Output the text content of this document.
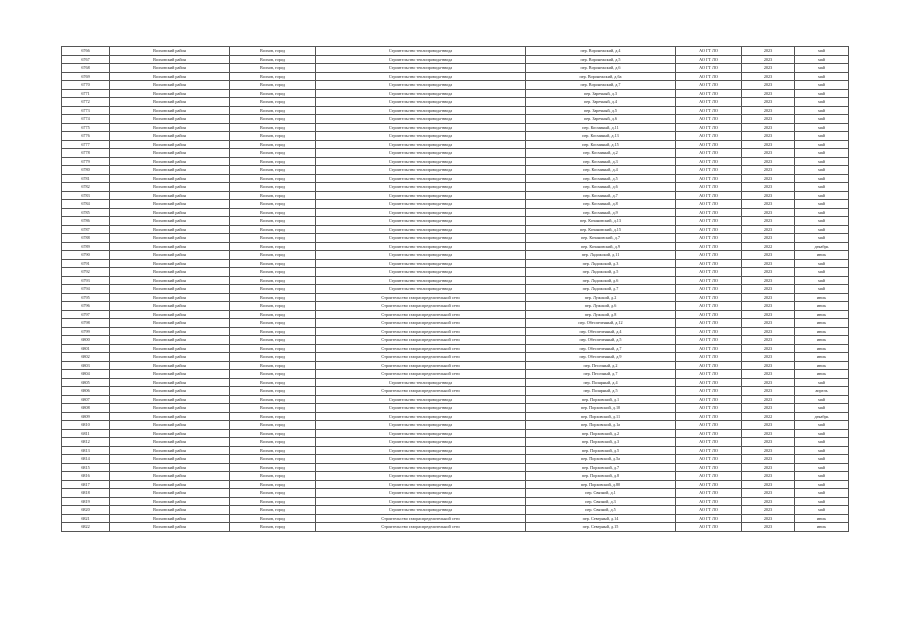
6766	Волховский район	Волхов, город	Строительство теплопровода-ввода	пер. Воронежский, д.4	АО ГТ ЛО	2023	май
6767	Волховский район	Волхов, город	Строительство теплопровода-ввода	пер. Воронежский, д.5	АО ГТ ЛО	2023	май
6768	Волховский район	Волхов, город	Строительство теплопровода-ввода	пер. Воронежский, д.6	АО ГТ ЛО	2023	май
6769	Волховский район	Волхов, город	Строительство теплопровода-ввода	пер. Воронежский, д.6а	АО ГТ ЛО	2023	май
6770	Волховский район	Волхов, город	Строительство теплопровода-ввода	пер. Воронежский, д.7	АО ГТ ЛО	2023	май
6771	Волховский район	Волхов, город	Строительство теплопровода-ввода	пер. Заречный, д.3	АО ГТ ЛО	2023	май
6772	Волховский район	Волхов, город	Строительство теплопровода-ввода	пер. Заречный, д.4	АО ГТ ЛО	2023	май
6773	Волховский район	Волхов, город	Строительство теплопровода-ввода	пер. Заречный, д.5	АО ГТ ЛО	2023	май
6774	Волховский район	Волхов, город	Строительство теплопровода-ввода	пер. Заречный, д.6	АО ГТ ЛО	2023	май
6775	Волховский район	Волхов, город	Строительство теплопровода-ввода	пер. Косминый, д.11	АО ГТ ЛО	2023	май
6776	Волховский район	Волхов, город	Строительство теплопровода-ввода	пер. Косминый, д.13	АО ГТ ЛО	2023	май
6777	Волховский район	Волхов, город	Строительство теплопровода-ввода	пер. Косминый, д.15	АО ГТ ЛО	2023	май
6778	Волховский район	Волхов, город	Строительство теплопровода-ввода	пер. Косминый, д.2	АО ГТ ЛО	2023	май
6779	Волховский район	Волхов, город	Строительство теплопровода-ввода	пер. Косминый, д.3	АО ГТ ЛО	2023	май
6780	Волховский район	Волхов, город	Строительство теплопровода-ввода	пер. Косминый, д.4	АО ГТ ЛО	2023	май
6781	Волховский район	Волхов, город	Строительство теплопровода-ввода	пер. Косминый, д.5	АО ГТ ЛО	2023	май
6782	Волховский район	Волхов, город	Строительство теплопровода-ввода	пер. Косминый, д.6	АО ГТ ЛО	2023	май
6783	Волховский район	Волхов, город	Строительство теплопровода-ввода	пер. Косминый, д.7	АО ГТ ЛО	2023	май
6784	Волховский район	Волхов, город	Строительство теплопровода-ввода	пер. Косминый, д.8	АО ГТ ЛО	2023	май
6785	Волховский район	Волхов, город	Строительство теплопровода-ввода	пер. Косминый, д.9	АО ГТ ЛО	2023	май
6786	Волховский район	Волхов, город	Строительство теплопровода-ввода	пер. Кочановский, д.13	АО ГТ ЛО	2023	май
6787	Волховский район	Волхов, город	Строительство теплопровода-ввода	пер. Кочановский, д.15	АО ГТ ЛО	2023	май
6788	Волховский район	Волхов, город	Строительство теплопровода-ввода	пер. Кочановский, д.7	АО ГТ ЛО	2023	май
6789	Волховский район	Волхов, город	Строительство теплопровода-ввода	пер. Кочановский, д.9	АО ГТ ЛО	2022	декабрь
6790	Волховский район	Волхов, город	Строительство теплопровода-ввода	пер. Ладожский, д.11	АО ГТ ЛО	2023	июль
6791	Волховский район	Волхов, город	Строительство теплопровода-ввода	пер. Ладожский, д.3	АО ГТ ЛО	2023	май
6792	Волховский район	Волхов, город	Строительство теплопровода-ввода	пер. Ладожский, д.5	АО ГТ ЛО	2023	май
6793	Волховский район	Волхов, город	Строительство теплопровода-ввода	пер. Ладожский, д.6	АО ГТ ЛО	2023	май
6794	Волховский район	Волхов, город	Строительство теплопровода-ввода	пер. Ладожский, д.7	АО ГТ ЛО	2023	май
6795	Волховский район	Волхов, город	Строительство газораспределительной сети	пер. Лужский, д.2	АО ГТ ЛО	2023	июль
6796	Волховский район	Волхов, город	Строительство газораспределительной сети	пер. Лужский, д.6	АО ГТ ЛО	2023	июль
6797	Волховский район	Волхов, город	Строительство газораспределительной сети	пер. Лужский, д.8	АО ГТ ЛО	2023	июль
6798	Волховский район	Волхов, город	Строительство газораспределительной сети	пер. Обеспеченный, д.12	АО ГТ ЛО	2023	июль
6799	Волховский район	Волхов, город	Строительство газораспределительной сети	пер. Обеспеченный, д.4	АО ГТ ЛО	2023	июль
6800	Волховский район	Волхов, город	Строительство газораспределительной сети	пер. Обеспеченный, д.5	АО ГТ ЛО	2023	июль
6801	Волховский район	Волхов, город	Строительство газораспределительной сети	пер. Обеспеченный, д.7	АО ГТ ЛО	2023	июль
6802	Волховский район	Волхов, город	Строительство газораспределительной сети	пер. Обеспеченный, д.9	АО ГТ ЛО	2023	июль
6803	Волховский район	Волхов, город	Строительство газораспределительной сети	пер. Песочный, д.2	АО ГТ ЛО	2023	июль
6804	Волховский район	Волхов, город	Строительство газораспределительной сети	пер. Песочный, д.7	АО ГТ ЛО	2023	июль
6805	Волховский район	Волхов, город	Строительство теплопровода-ввода	пер. Полярный, д.4	АО ГТ ЛО	2023	май
6806	Волховский район	Волхов, город	Строительство газораспределительной сети	пер. Полярный, д.5	АО ГТ ЛО	2023	апрель
6807	Волховский район	Волхов, город	Строительство теплопровода-ввода	пер. Порховский, д.1	АО ГТ ЛО	2023	май
6808	Волховский район	Волхов, город	Строительство теплопровода-ввода	пер. Порховский, д.10	АО ГТ ЛО	2023	май
6809	Волховский район	Волхов, город	Строительство теплопровода-ввода	пер. Порховский, д.11	АО ГТ ЛО	2022	декабрь
6810	Волховский район	Волхов, город	Строительство теплопровода-ввода	пер. Порховский, д.1а	АО ГТ ЛО	2023	май
6811	Волховский район	Волхов, город	Строительство теплопровода-ввода	пер. Порховский, д.2	АО ГТ ЛО	2023	май
6812	Волховский район	Волхов, город	Строительство теплопровода-ввода	пер. Порховский, д.3	АО ГТ ЛО	2023	май
6813	Волховский район	Волхов, город	Строительство теплопровода-ввода	пер. Порховский, д.5	АО ГТ ЛО	2023	май
6814	Волховский район	Волхов, город	Строительство теплопровода-ввода	пер. Порховский, д.5а	АО ГТ ЛО	2023	май
6815	Волховский район	Волхов, город	Строительство теплопровода-ввода	пер. Порховский, д.7	АО ГТ ЛО	2023	май
6816	Волховский район	Волхов, город	Строительство теплопровода-ввода	пер. Порховский, д.8	АО ГТ ЛО	2023	май
6817	Волховский район	Волхов, город	Строительство теплопровода-ввода	пер. Порховский, д.80	АО ГТ ЛО	2023	май
6818	Волховский район	Волхов, город	Строительство теплопровода-ввода	пер. Связной, д.1	АО ГТ ЛО	2023	май
6819	Волховский район	Волхов, город	Строительство теплопровода-ввода	пер. Связной, д.3	АО ГТ ЛО	2023	май
6820	Волховский район	Волхов, город	Строительство теплопровода-ввода	пер. Связной, д.5	АО ГТ ЛО	2023	май
6821	Волховский район	Волхов, город	Строительство газораспределительной сети	пер. Северный, д.14	АО ГТ ЛО	2023	июль
6822	Волховский район	Волхов, город	Строительство газораспределительной сети	пер. Северный, д.15	АО ГТ ЛО	2023	июль
